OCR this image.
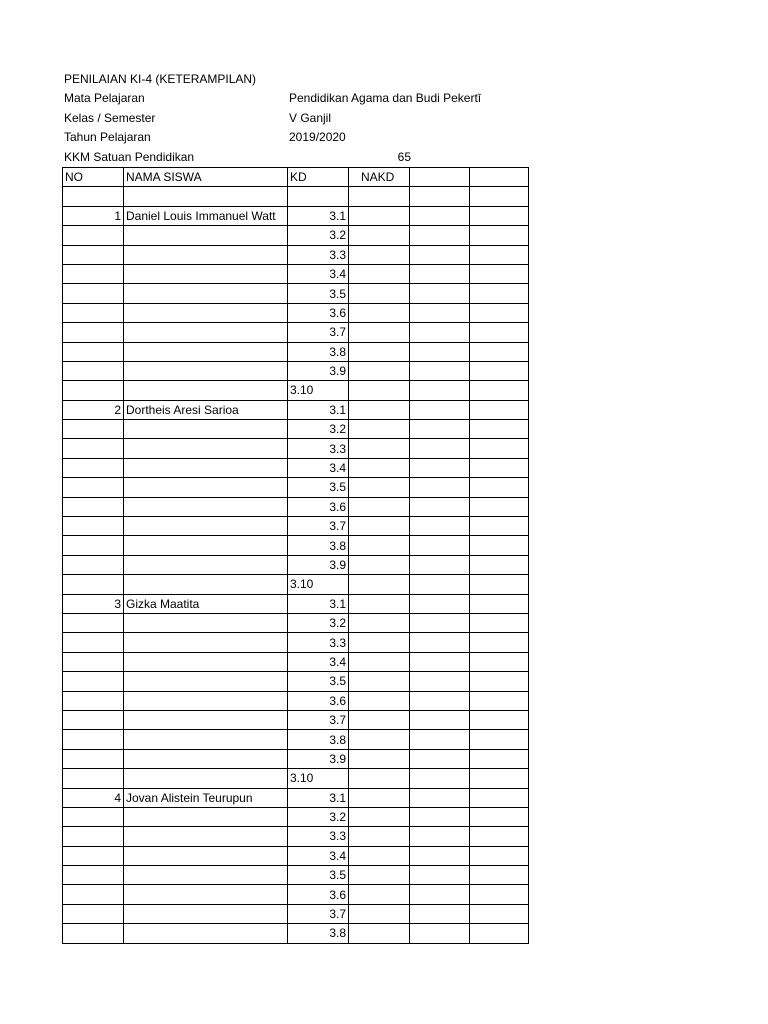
PENILAIAN KI-4 (KETERAMPILAN)
Mata Pelajaran	Pendidikan Agama dan Budi Pekertī
Kelas / Semester	V Ganjil
Tahun Pelajaran	2019/2020
KKM Satuan Pendidikan	65
NO	NAMA SISWA	KD	NAKD		

1	Daniel Louis Immanuel Watt	3.1			
		3.2			
		3.3			
		3.4			
		3.5			
		3.6			
		3.7			
		3.8			
		3.9			
		3.10			
2	Dortheis Aresi Sarioa	3.1			
		3.2			
		3.3			
		3.4			
		3.5			
		3.6			
		3.7			
		3.8			
		3.9			
		3.10			
3	Gizka Maatita	3.1			
		3.2			
		3.3			
		3.4			
		3.5			
		3.6			
		3.7			
		3.8			
		3.9			
		3.10			
4	Jovan Alistein Teurupun	3.1			
		3.2			
		3.3			
		3.4			
		3.5			
		3.6			
		3.7			
		3.8			
